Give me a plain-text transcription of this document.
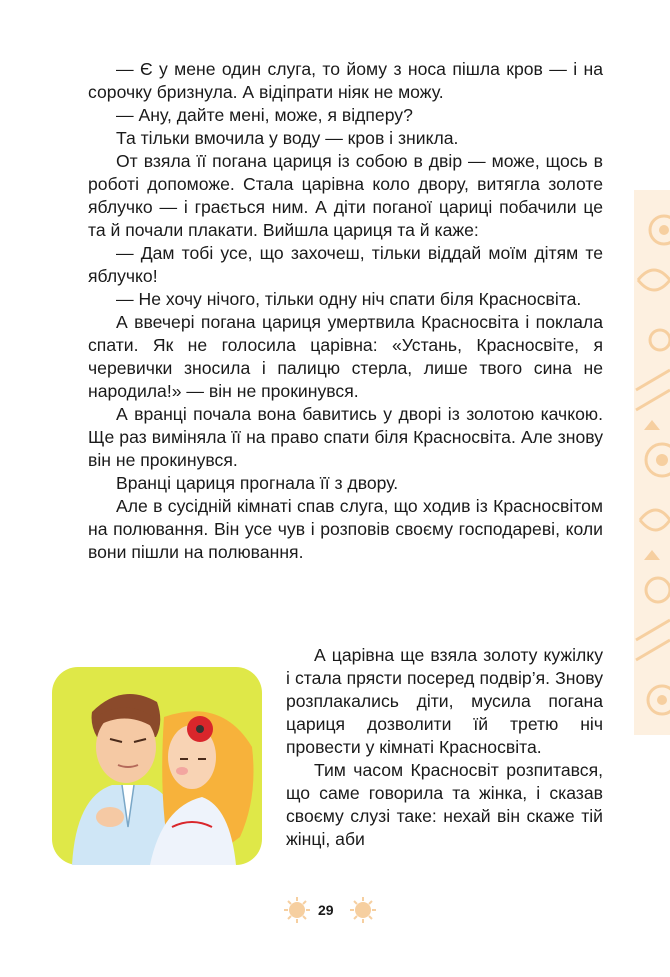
— Є у мене один слуга, то йому з носа пішла кров — і на сорочку бризнула. А відіпрати ніяк не можу.

— Ану, дайте мені, може, я відперу?

Та тільки вмочила у воду — кров і зникла.

От взяла її погана цариця із собою в двір — може, щось в роботі допоможе. Стала царівна коло двору, витягла золоте яблучко — і грається ним. А діти поганої цариці побачили це та й почали плакати. Вийшла цариця та й каже:

— Дам тобі усе, що захочеш, тільки віддай моїм дітям те яблучко!

— Не хочу нічого, тільки одну ніч спати біля Красносвіта.

А ввечері погана цариця умертвила Красносвіта і поклала спати. Як не голосила царівна: «Устань, Красносвіте, я черевички зносила і палицю стерла, лише твого сина не народила!» — він не прокинувся.

А вранці почала вона бавитись у дворі із золотою качкою. Ще раз виміняла її на право спати біля Красносвіта. Але знову він не прокинувся.

Вранці цариця прогнала її з двору.

Але в сусідній кімнаті спав слуга, що ходив із Красносвітом на полювання. Він усе чув і розповів своєму господареві, коли вони пішли на полювання.

А царівна ще взяла золоту кужілку і стала прясти посеред подвір’я. Знову розплакались діти, мусила погана цариця дозволити їй третю ніч провести у кімнаті Красносвіта.

Тим часом Красносвіт розпитався, що саме говорила та жінка, і сказав своєму слузі таке: нехай він скаже тій жінці, аби

29
